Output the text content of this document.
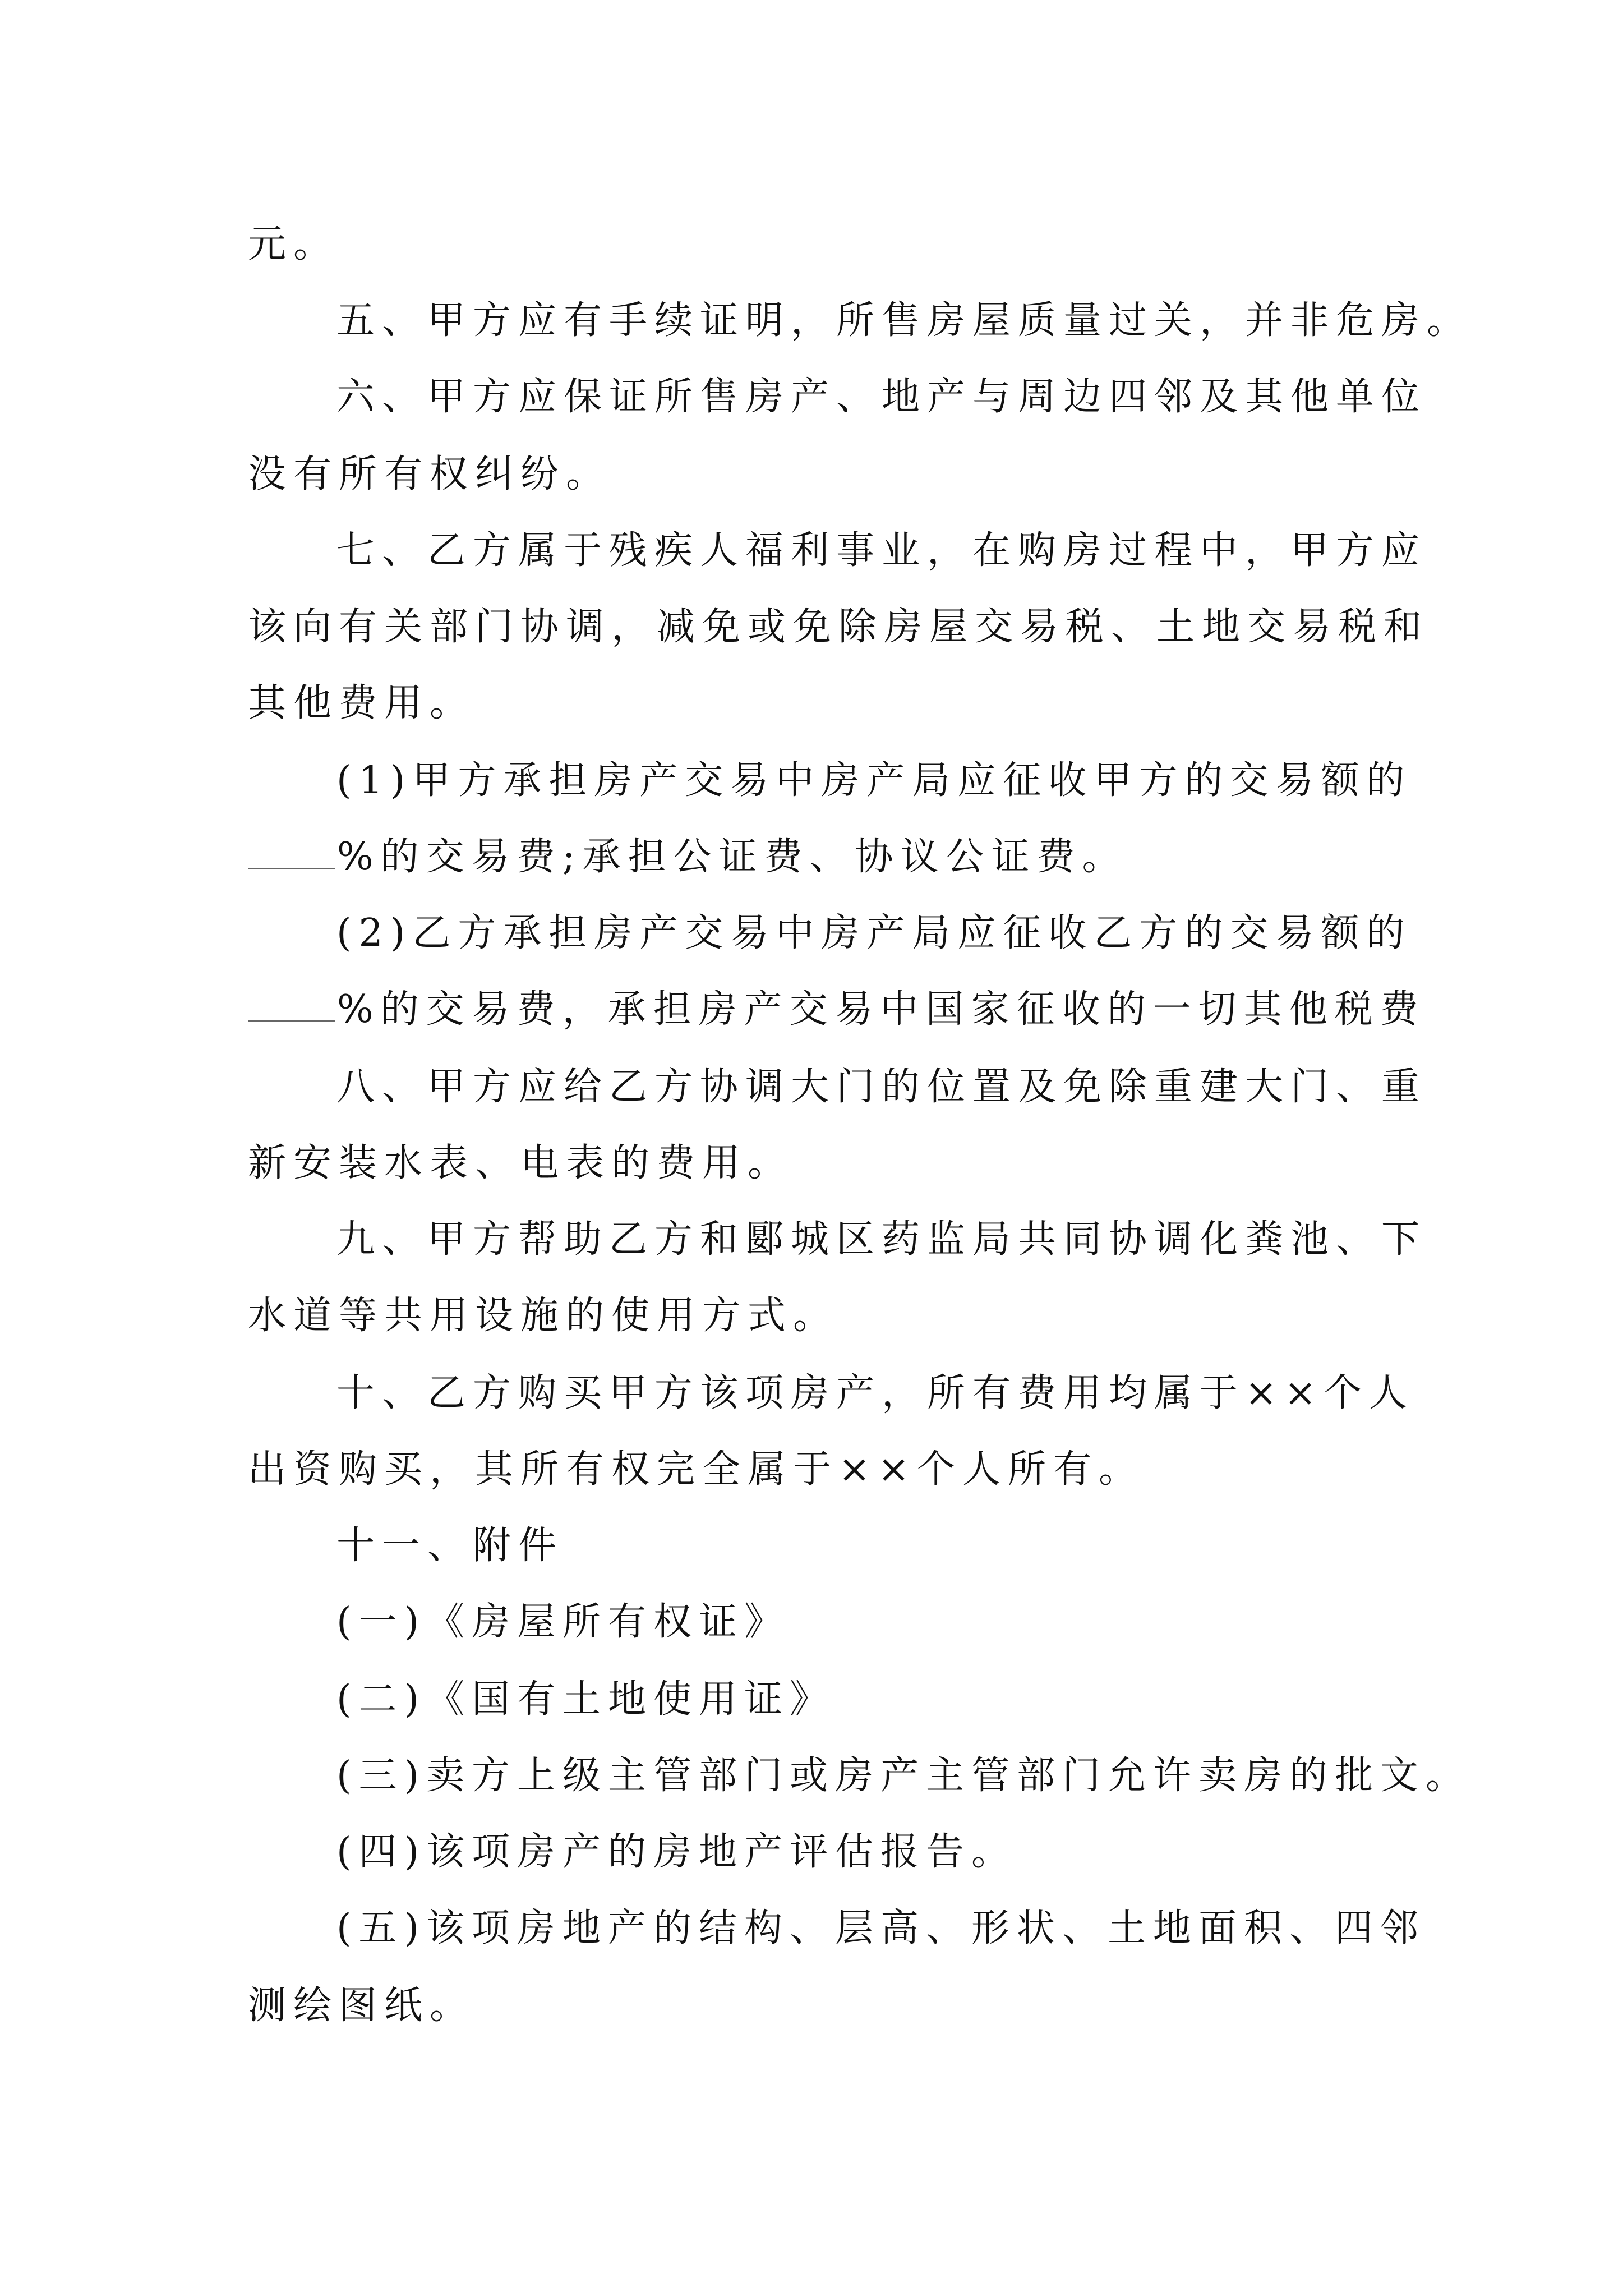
元。
五、甲方应有手续证明，所售房屋质量过关，并非危房。
六、甲方应保证所售房产、地产与周边四邻及其他单位
没有所有权纠纷。
七、乙方属于残疾人福利事业，在购房过程中，甲方应
该向有关部门协调，减免或免除房屋交易税、土地交易税和
其他费用。
(1)甲方承担房产交易中房产局应征收甲方的交易额的
%的交易费;承担公证费、协议公证费。
(2)乙方承担房产交易中房产局应征收乙方的交易额的
%的交易费，承担房产交易中国家征收的一切其他税费
八、甲方应给乙方协调大门的位置及免除重建大门、重
新安装水表、电表的费用。
九、甲方帮助乙方和郾城区药监局共同协调化粪池、下
水道等共用设施的使用方式。
十、乙方购买甲方该项房产，所有费用均属于××个人
出资购买，其所有权完全属于××个人所有。
十一、附件
(一)《房屋所有权证》
(二)《国有土地使用证》
(三)卖方上级主管部门或房产主管部门允许卖房的批文。
(四)该项房产的房地产评估报告。
(五)该项房地产的结构、层高、形状、土地面积、四邻
测绘图纸。
